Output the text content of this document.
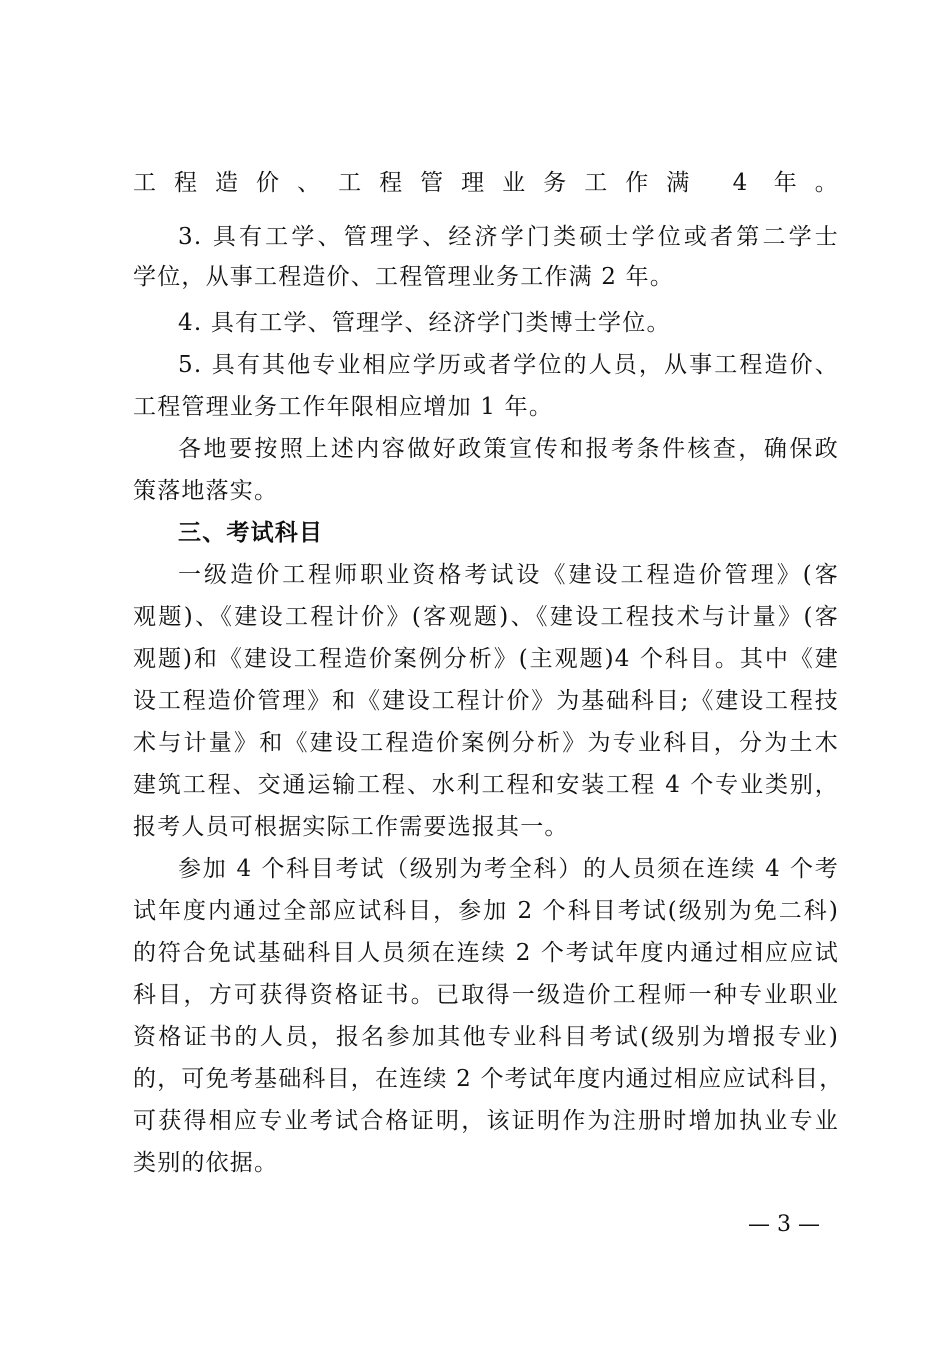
工程造价、工程管理业务工作满 4 年。
3. 具有工学、管理学、经济学门类硕士学位或者第二学士
学位，从事工程造价、工程管理业务工作满 2 年。
4. 具有工学、管理学、经济学门类博士学位。
5. 具有其他专业相应学历或者学位的人员，从事工程造价、
工程管理业务工作年限相应增加 1 年。
各地要按照上述内容做好政策宣传和报考条件核查，确保政
策落地落实。
三、考试科目
一级造价工程师职业资格考试设《建设工程造价管理》(客
观题)、《建设工程计价》(客观题)、《建设工程技术与计量》(客
观题)和《建设工程造价案例分析》(主观题)4 个科目。其中《建
设工程造价管理》和《建设工程计价》为基础科目;《建设工程技
术与计量》和《建设工程造价案例分析》为专业科目，分为土木
建筑工程、交通运输工程、水利工程和安装工程 4 个专业类别，
报考人员可根据实际工作需要选报其一。
参加 4 个科目考试（级别为考全科）的人员须在连续 4 个考
试年度内通过全部应试科目，参加 2 个科目考试(级别为免二科)
的符合免试基础科目人员须在连续 2 个考试年度内通过相应应试
科目，方可获得资格证书。已取得一级造价工程师一种专业职业
资格证书的人员，报名参加其他专业科目考试(级别为增报专业)
的，可免考基础科目，在连续 2 个考试年度内通过相应应试科目，
可获得相应专业考试合格证明，该证明作为注册时增加执业专业
类别的依据。
— 3 —
